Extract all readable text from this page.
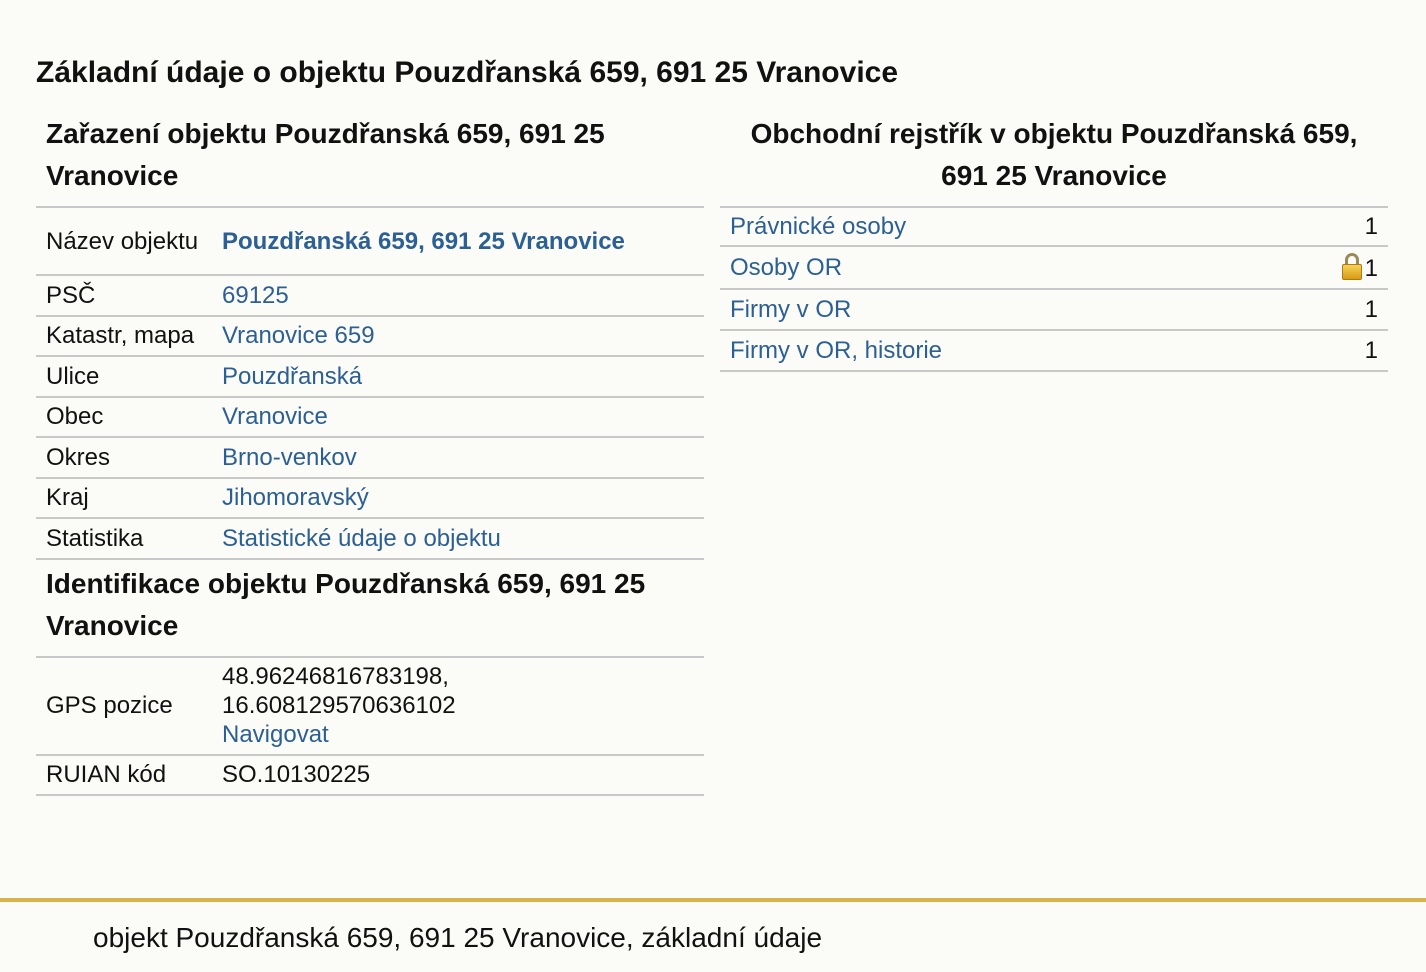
Základní údaje o objektu Pouzdřanská 659, 691 25 Vranovice
Zařazení objektu Pouzdřanská 659, 691 25 Vranovice
Název objektu	Pouzdřanská 659, 691 25 Vranovice
PSČ	69125
Katastr, mapa	Vranovice 659
Ulice	Pouzdřanská
Obec	Vranovice
Okres	Brno-venkov
Kraj	Jihomoravský
Statistika	Statistické údaje o objektu
Identifikace objektu Pouzdřanská 659, 691 25 Vranovice
GPS pozice	48.96246816783198,
16.608129570636102
Navigovat
RUIAN kód	SO.10130225
Obchodní rejstřík v objektu Pouzdřanská 659, 691 25 Vranovice
Právnické osoby	1
Osoby OR	1
Firmy v OR	1
Firmy v OR, historie	1
objekt Pouzdřanská 659, 691 25 Vranovice, základní údaje
